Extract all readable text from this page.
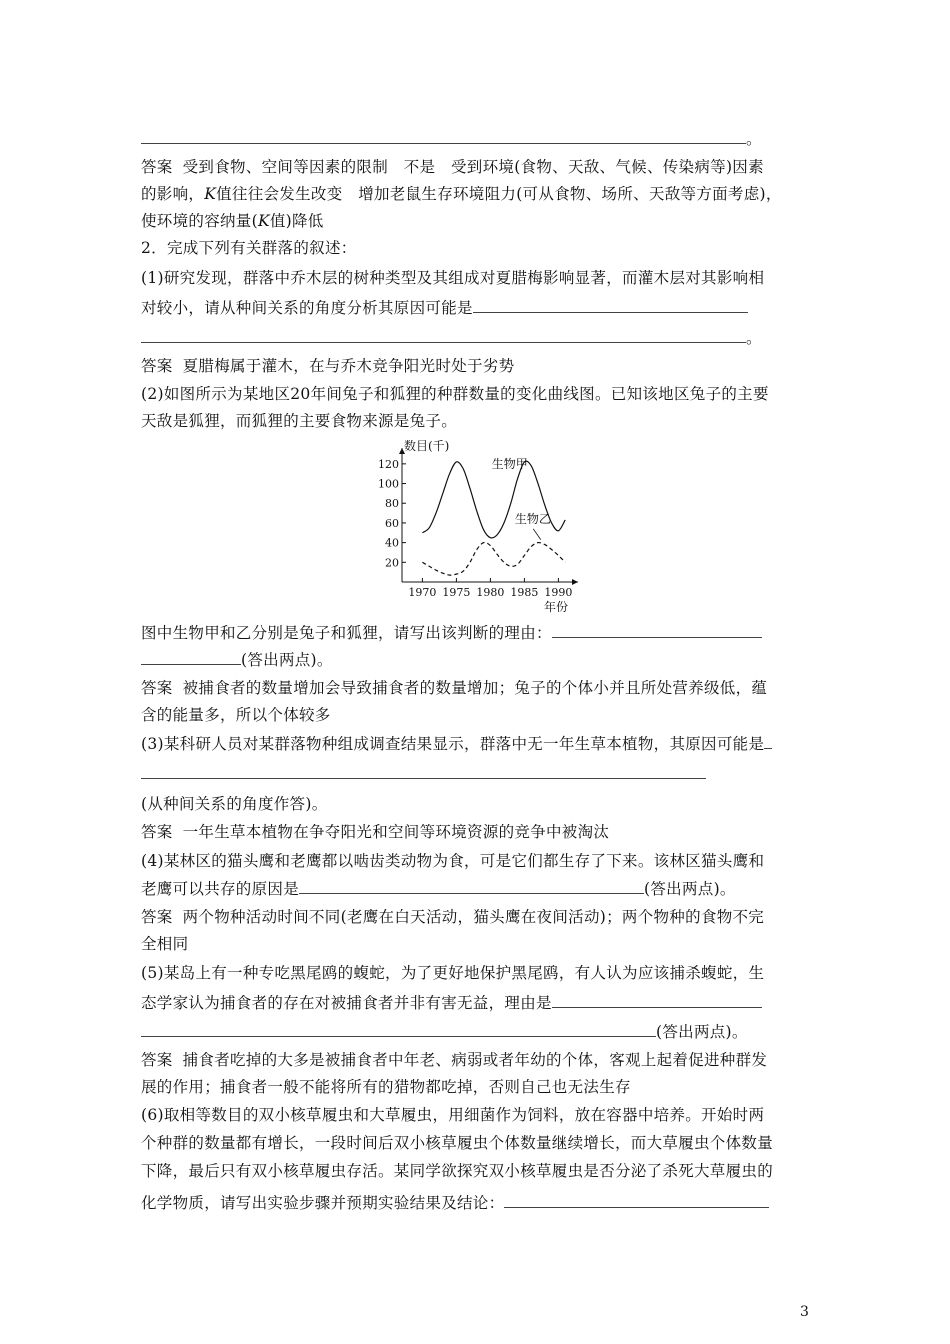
。
答案 受到食物、空间等因素的限制 不是 受到环境(食物、天敌、气候、传染病等)因素
的影响，K值往往会发生改变 增加老鼠生存环境阻力(可从食物、场所、天敌等方面考虑)，
使环境的容纳量(K值)降低
2．完成下列有关群落的叙述：
(1)研究发现，群落中乔木层的树种类型及其组成对夏腊梅影响显著，而灌木层对其影响相
对较小，请从种间关系的角度分析其原因可能是
。
答案 夏腊梅属于灌木，在与乔木竞争阳光时处于劣势
(2)如图所示为某地区20年间兔子和狐狸的种群数量的变化曲线图。已知该地区兔子的主要
天敌是狐狸，而狐狸的主要食物来源是兔子。
20
40
60
80
100
120
1970 1975 1980 1985 1990
数目(千)
年份
生物甲
生物乙
图中生物甲和乙分别是兔子和狐狸，请写出该判断的理由：
(答出两点)。
答案 被捕食者的数量增加会导致捕食者的数量增加；兔子的个体小并且所处营养级低，蕴
含的能量多，所以个体较多
(3)某科研人员对某群落物种组成调查结果显示，群落中无一年生草本植物，其原因可能是
(从种间关系的角度作答)。
答案 一年生草本植物在争夺阳光和空间等环境资源的竞争中被淘汰
(4)某林区的猫头鹰和老鹰都以啮齿类动物为食，可是它们都生存了下来。该林区猫头鹰和
老鹰可以共存的原因是	(答出两点)。
答案 两个物种活动时间不同(老鹰在白天活动，猫头鹰在夜间活动)；两个物种的食物不完
全相同
(5)某岛上有一种专吃黑尾鸥的蝮蛇，为了更好地保护黑尾鸥，有人认为应该捕杀蝮蛇，生
态学家认为捕食者的存在对被捕食者并非有害无益，理由是
(答出两点)。
答案 捕食者吃掉的大多是被捕食者中年老、病弱或者年幼的个体，客观上起着促进种群发
展的作用；捕食者一般不能将所有的猎物都吃掉，否则自己也无法生存
(6)取相等数目的双小核草履虫和大草履虫，用细菌作为饲料，放在容器中培养。开始时两
个种群的数量都有增长，一段时间后双小核草履虫个体数量继续增长，而大草履虫个体数量
下降，最后只有双小核草履虫存活。某同学欲探究双小核草履虫是否分泌了杀死大草履虫的
化学物质，请写出实验步骤并预期实验结果及结论：
3
